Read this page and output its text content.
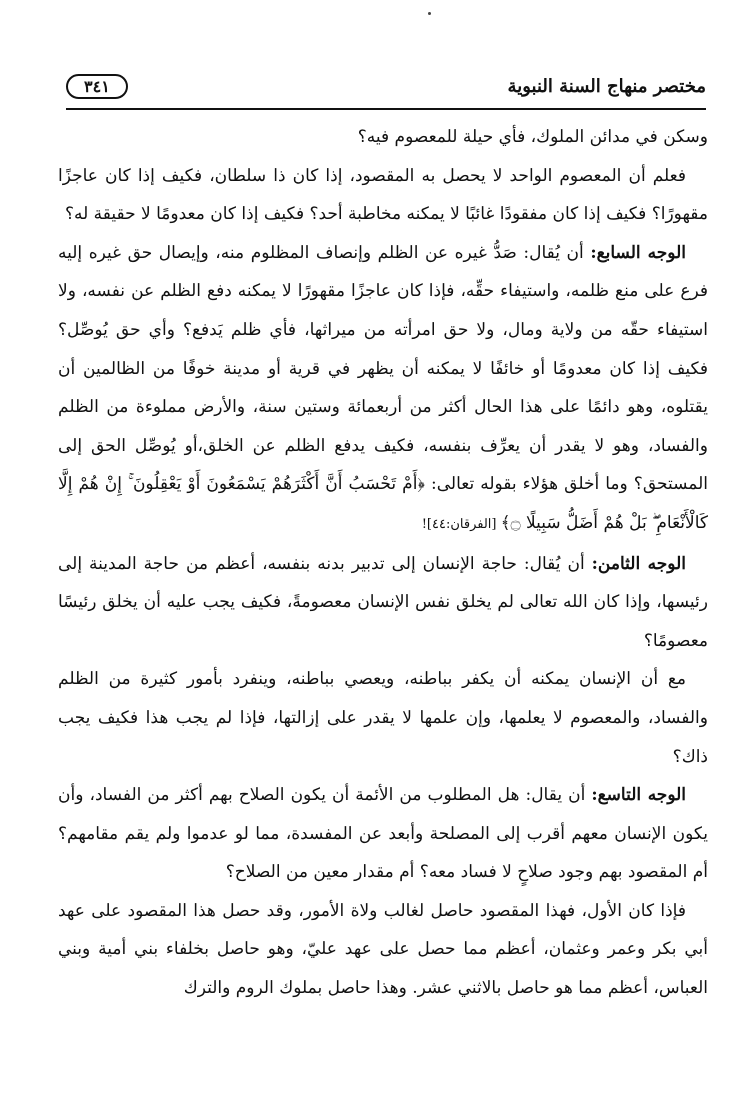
مختصر منهاج السنة النبوية
٣٤١

وسكن في مدائن الملوك، فأي حيلة للمعصوم فيه؟

فعلم أن المعصوم الواحد لا يحصل به المقصود، إذا كان ذا سلطان، فكيف إذا كان عاجزًا مقهورًا؟ فكيف إذا كان مفقودًا غائبًا لا يمكنه مخاطبة أحد؟ فكيف إذا كان معدومًا لا حقيقة له؟

الوجه السابع: أن يُقال: صَدُّ غيره عن الظلم وإنصاف المظلوم منه، وإيصال حق غيره إليه فرع على منع ظلمه، واستيفاء حقِّه، فإذا كان عاجزًا مقهورًا لا يمكنه دفع الظلم عن نفسه، ولا استيفاء حقّه من ولاية ومال، ولا حق امرأته من ميراثها، فأي ظلم يَدفع؟ وأي حق يُوصِّل؟ فكيف إذا كان معدومًا أو خائفًا لا يمكنه أن يظهر في قرية أو مدينة خوفًا من الظالمين أن يقتلوه، وهو دائمًا على هذا الحال أكثر من أربعمائة وستين سنة، والأرض مملوءة من الظلم والفساد، وهو لا يقدر أن يعرِّف بنفسه، فكيف يدفع الظلم عن الخلق،أو يُوصِّل الحق إلى المستحق؟ وما أخلق هؤلاء بقوله تعالى: ﴿أَمْ تَحْسَبُ أَنَّ أَكْثَرَهُمْ يَسْمَعُونَ أَوْ يَعْقِلُونَ ۚ إِنْ هُمْ إِلَّا كَالْأَنْعَامِ ۖ بَلْ هُمْ أَضَلُّ سَبِيلًا ۝﴾ [الفرقان:٤٤]!

الوجه الثامن: أن يُقال: حاجة الإنسان إلى تدبير بدنه بنفسه، أعظم من حاجة المدينة إلى رئيسها، وإذا كان الله تعالى لم يخلق نفس الإنسان معصومةً، فكيف يجب عليه أن يخلق رئيسًا معصومًا؟

مع أن الإنسان يمكنه أن يكفر بباطنه، ويعصي بباطنه، وينفرد بأمور كثيرة من الظلم والفساد، والمعصوم لا يعلمها، وإن علمها لا يقدر على إزالتها، فإذا لم يجب هذا فكيف يجب ذاك؟

الوجه التاسع: أن يقال: هل المطلوب من الأئمة أن يكون الصلاح بهم أكثر من الفساد، وأن يكون الإنسان معهم أقرب إلى المصلحة وأبعد عن المفسدة، مما لو عدموا ولم يقم مقامهم؟ أم المقصود بهم وجود صلاحٍ لا فساد معه؟ أم مقدار معين من الصلاح؟

فإذا كان الأول، فهذا المقصود حاصل لغالب ولاة الأمور، وقد حصل هذا المقصود على عهد أبي بكر وعمر وعثمان، أعظم مما حصل على عهد عليّ، وهو حاصل بخلفاء بني أمية وبني العباس، أعظم مما هو حاصل بالاثني عشر. وهذا حاصل بملوك الروم والترك
